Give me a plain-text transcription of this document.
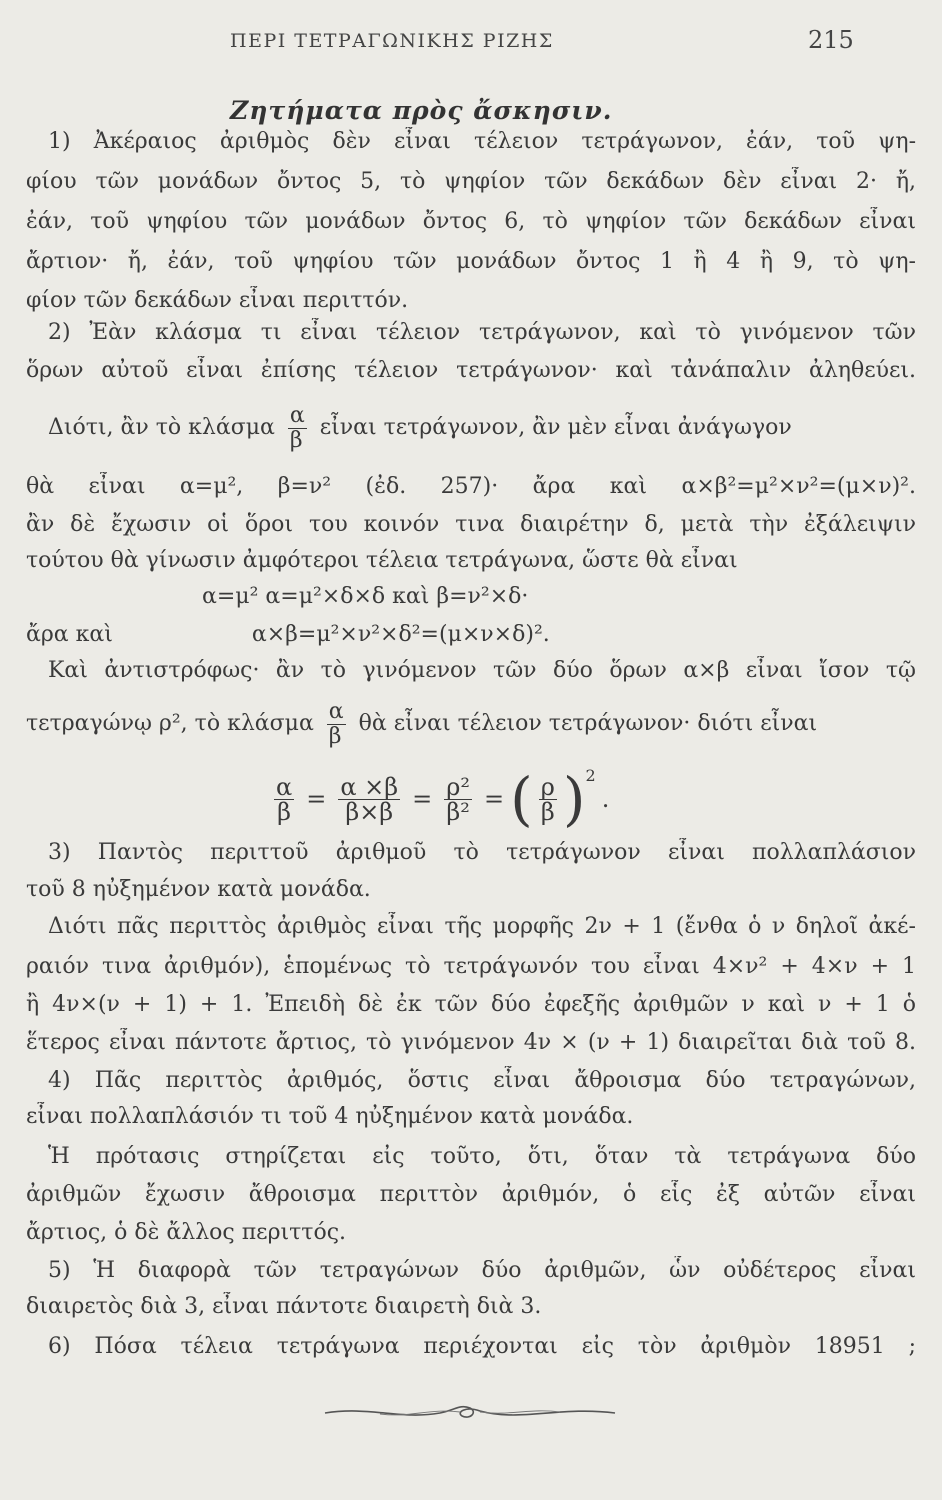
ΠΕΡΙ ΤΕΤΡΑΓΩΝΙΚΗΣ ΡΙΖΗΣ	215
Ζητήματα πρὸς ἄσκησιν.
1) Ἀκέραιος ἀριθμὸς δὲν εἶναι τέλειον τετράγωνον, ἐάν, τοῦ ψη-
φίου τῶν μονάδων ὄντος 5, τὸ ψηφίον τῶν δεκάδων δὲν εἶναι 2· ἤ,
ἐάν, τοῦ ψηφίου τῶν μονάδων ὄντος 6, τὸ ψηφίον τῶν δεκάδων εἶναι
ἄρτιον· ἤ, ἐάν, τοῦ ψηφίου τῶν μονάδων ὄντος 1 ἢ 4 ἢ 9, τὸ ψη-
φίον τῶν δεκάδων εἶναι περιττόν.
2) Ἐὰν κλάσμα τι εἶναι τέλειον τετράγωνον, καὶ τὸ γινόμενον τῶν
ὅρων αὐτοῦ εἶναι ἐπίσης τέλειον τετράγωνον· καὶ τἀνάπαλιν ἀληθεύει.
Διότι, ἂν τὸ κλάσμα $\frac{\alpha}{\beta}$ εἶναι τετράγωνον, ἂν μὲν εἶναι ἀνάγωγον
θὰ εἶναι α=μ², β=ν² (ἐδ. 257)· ἄρα καὶ α×β²=μ²×ν²=(μ×ν)².
ἂν δὲ ἔχωσιν οἱ ὅροι του κοινόν τινα διαιρέτην δ, μετὰ τὴν ἐξάλειψιν
τούτου θὰ γίνωσιν ἀμφότεροι τέλεια τετράγωνα, ὥστε θὰ εἶναι
α=μ² α=μ²×δ×δ καὶ β=ν²×δ·
ἄρα καὶ	α×β=μ²×ν²×δ²=(μ×ν×δ)².
Καὶ ἀντιστρόφως· ἂν τὸ γινόμενον τῶν δύο ὅρων α×β εἶναι ἴσον τῷ
τετραγώνῳ ρ², τὸ κλάσμα $\frac{\alpha}{\beta}$ θὰ εἶναι τέλειον τετράγωνον· διότι εἶναι
$\frac{\alpha}{\beta} = \frac{\alpha \times\beta}{\beta\times\beta} = \frac{\text{ρ²}}{\text{β²}}$ = ( $\frac{\rho}{\beta}$ ) 2
.
3) Παντὸς περιττοῦ ἀριθμοῦ τὸ τετράγωνον εἶναι πολλαπλάσιον
τοῦ 8 ηὐξημένον κατὰ μονάδα.
Διότι πᾶς περιττὸς ἀριθμὸς εἶναι τῆς μορφῆς 2ν + 1 (ἔνθα ὁ ν δηλοῖ ἀκέ-
ραιόν τινα ἀριθμόν), ἑπομένως τὸ τετράγωνόν του εἶναι 4×ν² + 4×ν + 1
ἢ 4ν×(ν + 1) + 1. Ἐπειδὴ δὲ ἐκ τῶν δύο ἐφεξῆς ἀριθμῶν ν καὶ ν + 1 ὁ
ἕτερος εἶναι πάντοτε ἄρτιος, τὸ γινόμενον 4ν × (ν + 1) διαιρεῖται διὰ τοῦ 8.
4) Πᾶς περιττὸς ἀριθμός, ὅστις εἶναι ἄθροισμα δύο τετραγώνων,
εἶναι πολλαπλάσιόν τι τοῦ 4 ηὐξημένον κατὰ μονάδα.
Ἡ πρότασις στηρίζεται εἰς τοῦτο, ὅτι, ὅταν τὰ τετράγωνα δύο
ἀριθμῶν ἔχωσιν ἄθροισμα περιττὸν ἀριθμόν, ὁ εἷς ἐξ αὐτῶν εἶναι
ἄρτιος, ὁ δὲ ἄλλος περιττός.
5) Ἡ διαφορὰ τῶν τετραγώνων δύο ἀριθμῶν, ὧν οὐδέτερος εἶναι
διαιρετὸς διὰ 3, εἶναι πάντοτε διαιρετὴ διὰ 3.
6) Πόσα τέλεια τετράγωνα περιέχονται εἰς τὸν ἀριθμὸν 18951 ;
